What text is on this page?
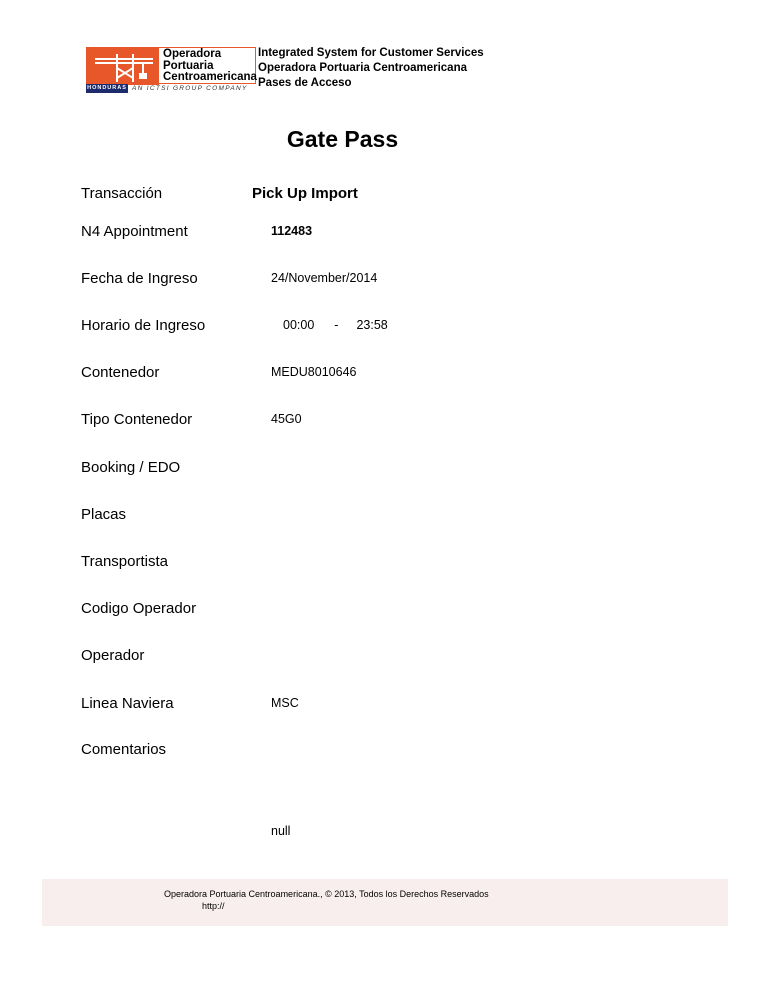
Operadora
Portuaria
Centroamericana
HONDURAS AN ICTSI GROUP COMPANY
Integrated System for Customer Services
Operadora Portuaria Centroamericana
Pases de Acceso
Gate Pass
Transacción	Pick Up Import
N4 Appointment	112483
Fecha de Ingreso	24/November/2014
Horario de Ingreso	00:00 - 23:58
Contenedor	MEDU8010646
Tipo Contenedor	45G0
Booking / EDO
Placas
Transportista
Codigo Operador
Operador
Linea Naviera	MSC
Comentarios
null
Operadora Portuaria Centroamericana., © 2013, Todos los Derechos Reservados
http://
